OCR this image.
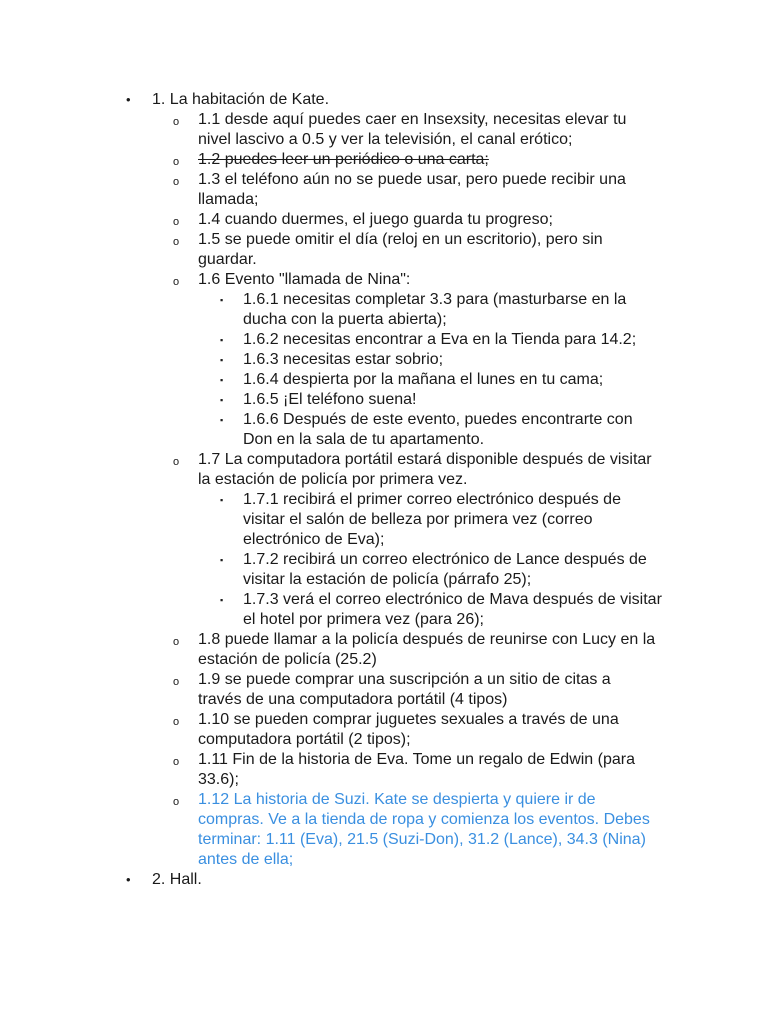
• 1. La habitación de Kate.
o 1.1 desde aquí puedes caer en Insexsity, necesitas elevar tu nivel lascivo a 0.5 y ver la televisión, el canal erótico;
o 1.2 puedes leer un periódico o una carta;
o 1.3 el teléfono aún no se puede usar, pero puede recibir una llamada;
o 1.4 cuando duermes, el juego guarda tu progreso;
o 1.5 se puede omitir el día (reloj en un escritorio), pero sin guardar.
o 1.6 Evento "llamada de Nina":
▪ 1.6.1 necesitas completar 3.3 para (masturbarse en la ducha con la puerta abierta);
▪ 1.6.2 necesitas encontrar a Eva en la Tienda para 14.2;
▪ 1.6.3 necesitas estar sobrio;
▪ 1.6.4 despierta por la mañana el lunes en tu cama;
▪ 1.6.5 ¡El teléfono suena!
▪ 1.6.6 Después de este evento, puedes encontrarte con Don en la sala de tu apartamento.
o 1.7 La computadora portátil estará disponible después de visitar la estación de policía por primera vez.
▪ 1.7.1 recibirá el primer correo electrónico después de visitar el salón de belleza por primera vez (correo electrónico de Eva);
▪ 1.7.2 recibirá un correo electrónico de Lance después de visitar la estación de policía (párrafo 25);
▪ 1.7.3 verá el correo electrónico de Mava después de visitar el hotel por primera vez (para 26);
o 1.8 puede llamar a la policía después de reunirse con Lucy en la estación de policía (25.2)
o 1.9 se puede comprar una suscripción a un sitio de citas a través de una computadora portátil (4 tipos)
o 1.10 se pueden comprar juguetes sexuales a través de una computadora portátil (2 tipos);
o 1.11 Fin de la historia de Eva. Tome un regalo de Edwin (para 33.6);
o 1.12 La historia de Suzi. Kate se despierta y quiere ir de compras. Ve a la tienda de ropa y comienza los eventos. Debes terminar: 1.11 (Eva), 21.5 (Suzi-Don), 31.2 (Lance), 34.3 (Nina) antes de ella;
• 2. Hall.
